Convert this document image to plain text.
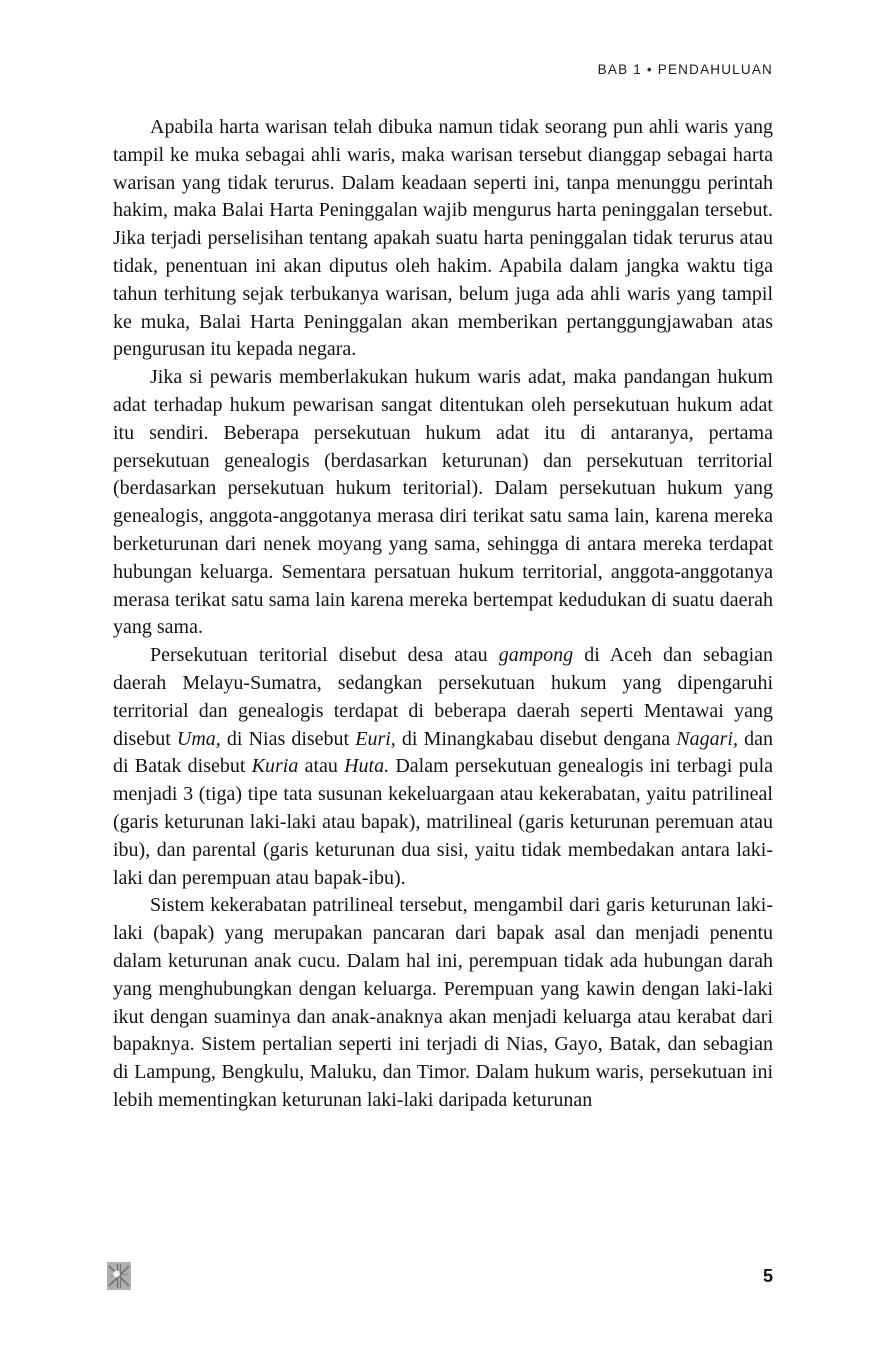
BAB 1 • PENDAHULUAN

Apabila harta warisan telah dibuka namun tidak seorang pun ahli waris yang tampil ke muka sebagai ahli waris, maka warisan tersebut dianggap sebagai harta warisan yang tidak terurus. Dalam keadaan seperti ini, tanpa menunggu perintah hakim, maka Balai Harta Peninggalan wajib mengurus harta peninggalan tersebut. Jika terjadi perselisihan tentang apakah suatu harta peninggalan tidak terurus atau tidak, penentuan ini akan diputus oleh hakim. Apabila dalam jangka waktu tiga tahun terhitung sejak terbukanya warisan, belum juga ada ahli waris yang tampil ke muka, Balai Harta Peninggalan akan memberikan pertanggungjawaban atas pengurusan itu kepada negara.

Jika si pewaris memberlakukan hukum waris adat, maka pandangan hukum adat terhadap hukum pewarisan sangat ditentukan oleh persekutuan hukum adat itu sendiri. Beberapa persekutuan hukum adat itu di antaranya, pertama persekutuan genealogis (berdasarkan keturunan) dan persekutuan territorial (berdasarkan persekutuan hukum teritorial). Dalam persekutuan hukum yang genealogis, anggota-anggotanya merasa diri terikat satu sama lain, karena mereka berketurunan dari nenek moyang yang sama, sehingga di antara mereka terdapat hubungan keluarga. Sementara persatuan hukum territorial, anggota-anggotanya merasa terikat satu sama lain karena mereka bertempat kedudukan di suatu daerah yang sama.

Persekutuan teritorial disebut desa atau gampong di Aceh dan sebagian daerah Melayu-Sumatra, sedangkan persekutuan hukum yang dipengaruhi territorial dan genealogis terdapat di beberapa daerah seperti Mentawai yang disebut Uma, di Nias disebut Euri, di Minangkabau disebut dengana Nagari, dan di Batak disebut Kuria atau Huta. Dalam persekutuan genealogis ini terbagi pula menjadi 3 (tiga) tipe tata susunan kekeluargaan atau kekerabatan, yaitu patrilineal (garis keturunan laki-laki atau bapak), matrilineal (garis keturunan peremuan atau ibu), dan parental (garis keturunan dua sisi, yaitu tidak membedakan antara laki-laki dan perempuan atau bapak-ibu).

Sistem kekerabatan patrilineal tersebut, mengambil dari garis keturunan laki-laki (bapak) yang merupakan pancaran dari bapak asal dan menjadi penentu dalam keturunan anak cucu. Dalam hal ini, perempuan tidak ada hubungan darah yang menghubungkan dengan keluarga. Perempuan yang kawin dengan laki-laki ikut dengan suaminya dan anak-anaknya akan menjadi keluarga atau kerabat dari bapaknya. Sistem pertalian seperti ini terjadi di Nias, Gayo, Batak, dan sebagian di Lampung, Bengkulu, Maluku, dan Timor. Dalam hukum waris, persekutuan ini lebih mementingkan keturunan laki-laki daripada keturunan

5
